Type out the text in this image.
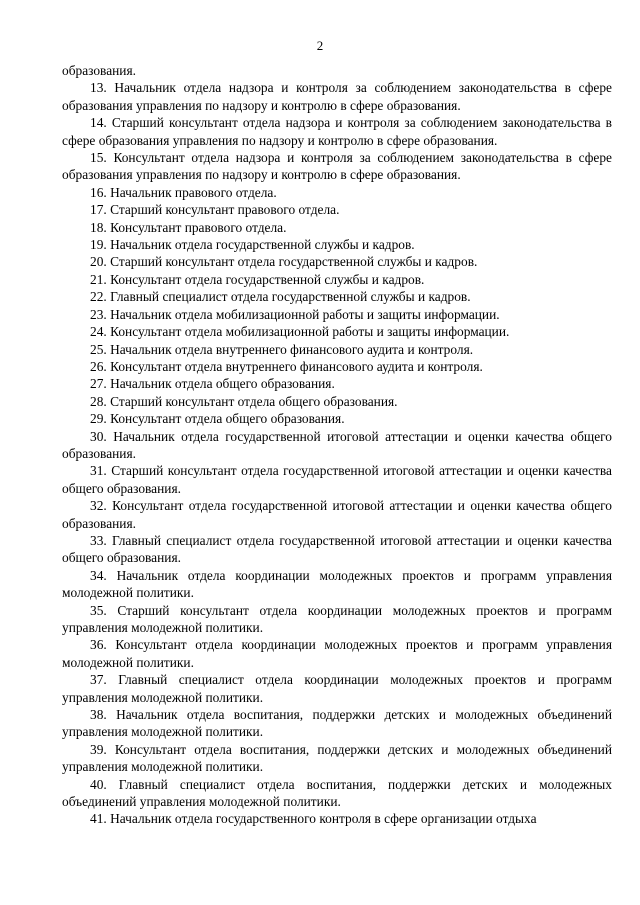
2

образования.

13. Начальник отдела надзора и контроля за соблюдением законодательства в сфере образования управления по надзору и контролю в сфере образования.

14. Старший консультант отдела надзора и контроля за соблюдением законодательства в сфере образования управления по надзору и контролю в сфере образования.

15. Консультант отдела надзора и контроля за соблюдением законодательства в сфере образования управления по надзору и контролю в сфере образования.

16. Начальник правового отдела.

17. Старший консультант правового отдела.

18. Консультант правового отдела.

19. Начальник отдела государственной службы и кадров.

20. Старший консультант отдела государственной службы и кадров.

21. Консультант отдела государственной службы и кадров.

22. Главный специалист отдела государственной службы и кадров.

23. Начальник отдела мобилизационной работы и защиты информации.

24. Консультант отдела мобилизационной работы и защиты информации.

25. Начальник отдела внутреннего финансового аудита и контроля.

26. Консультант отдела внутреннего финансового аудита и контроля.

27. Начальник отдела общего образования.

28. Старший консультант отдела общего образования.

29. Консультант отдела общего образования.

30. Начальник отдела государственной итоговой аттестации и оценки качества общего образования.

31. Старший консультант отдела государственной итоговой аттестации и оценки качества общего образования.

32. Консультант отдела государственной итоговой аттестации и оценки качества общего образования.

33. Главный специалист отдела государственной итоговой аттестации и оценки качества общего образования.

34. Начальник отдела координации молодежных проектов и программ управления молодежной политики.

35. Старший консультант отдела координации молодежных проектов и программ управления молодежной политики.

36. Консультант отдела координации молодежных проектов и программ управления молодежной политики.

37. Главный специалист отдела координации молодежных проектов и программ управления молодежной политики.

38. Начальник отдела воспитания, поддержки детских и молодежных объединений управления молодежной политики.

39. Консультант отдела воспитания, поддержки детских и молодежных объединений управления молодежной политики.

40. Главный специалист отдела воспитания, поддержки детских и молодежных объединений управления молодежной политики.

41. Начальник отдела государственного контроля в сфере организации отдыха
